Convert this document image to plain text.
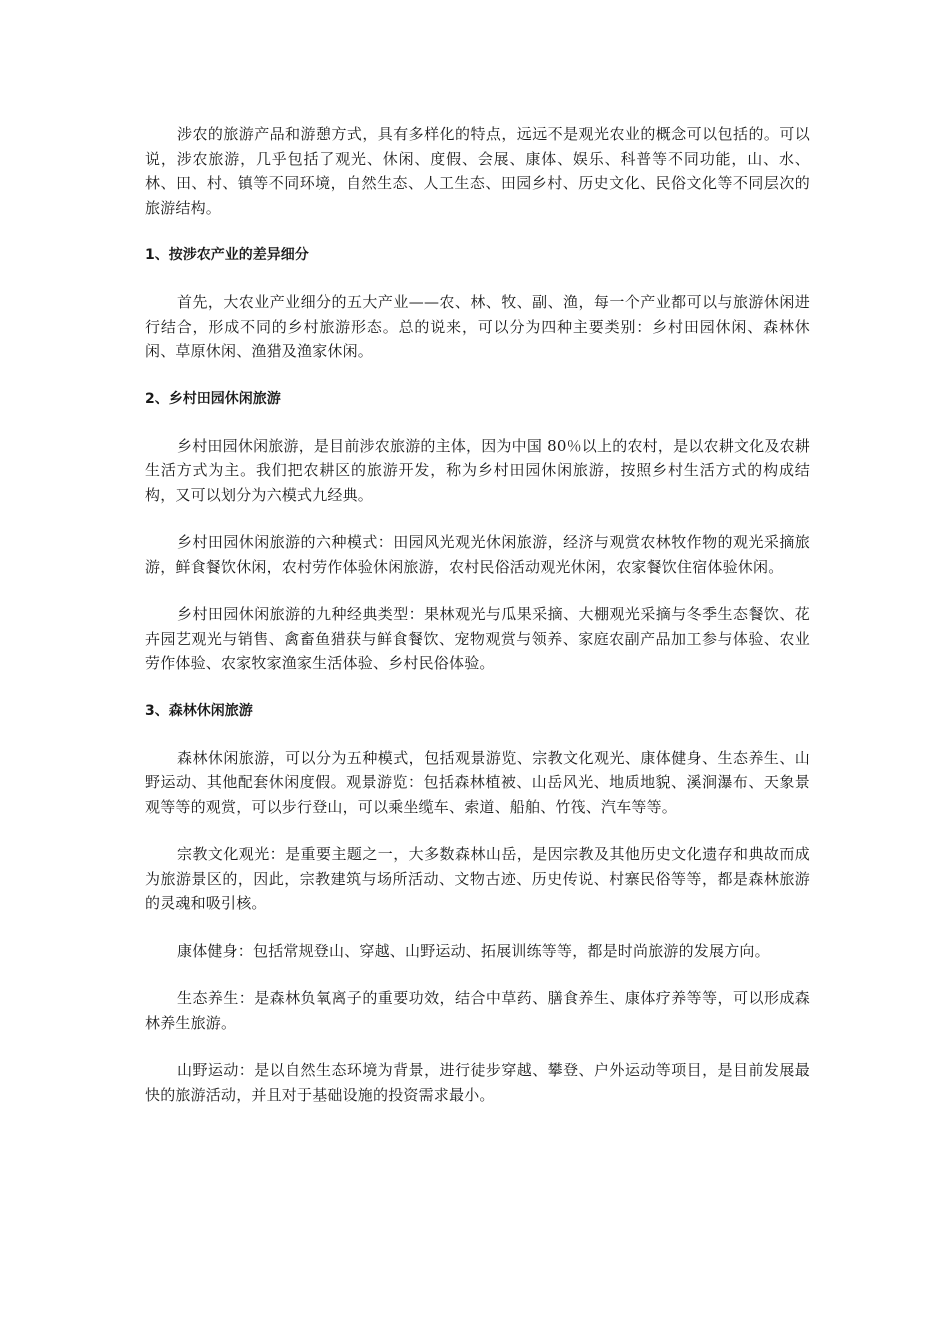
涉农的旅游产品和游憩方式，具有多样化的特点，远远不是观光农业的概念可以包括的。可以说，涉农旅游，几乎包括了观光、休闲、度假、会展、康体、娱乐、科普等不同功能，山、水、林、田、村、镇等不同环境，自然生态、人工生态、田园乡村、历史文化、民俗文化等不同层次的旅游结构。

1、按涉农产业的差异细分

首先，大农业产业细分的五大产业——农、林、牧、副、渔，每一个产业都可以与旅游休闲进行结合，形成不同的乡村旅游形态。总的说来，可以分为四种主要类别：乡村田园休闲、森林休闲、草原休闲、渔猎及渔家休闲。

2、乡村田园休闲旅游

乡村田园休闲旅游，是目前涉农旅游的主体，因为中国 80％以上的农村，是以农耕文化及农耕生活方式为主。我们把农耕区的旅游开发，称为乡村田园休闲旅游，按照乡村生活方式的构成结构，又可以划分为六模式九经典。

乡村田园休闲旅游的六种模式：田园风光观光休闲旅游，经济与观赏农林牧作物的观光采摘旅游，鲜食餐饮休闲，农村劳作体验休闲旅游，农村民俗活动观光休闲，农家餐饮住宿体验休闲。

乡村田园休闲旅游的九种经典类型：果林观光与瓜果采摘、大棚观光采摘与冬季生态餐饮、花卉园艺观光与销售、禽畜鱼猎获与鲜食餐饮、宠物观赏与领养、家庭农副产品加工参与体验、农业劳作体验、农家牧家渔家生活体验、乡村民俗体验。

3、森林休闲旅游

森林休闲旅游，可以分为五种模式，包括观景游览、宗教文化观光、康体健身、生态养生、山野运动、其他配套休闲度假。观景游览：包括森林植被、山岳风光、地质地貌、溪涧瀑布、天象景观等等的观赏，可以步行登山，可以乘坐缆车、索道、船舶、竹筏、汽车等等。

宗教文化观光：是重要主题之一，大多数森林山岳，是因宗教及其他历史文化遗存和典故而成为旅游景区的，因此，宗教建筑与场所活动、文物古迹、历史传说、村寨民俗等等，都是森林旅游的灵魂和吸引核。

康体健身：包括常规登山、穿越、山野运动、拓展训练等等，都是时尚旅游的发展方向。

生态养生：是森林负氧离子的重要功效，结合中草药、膳食养生、康体疗养等等，可以形成森林养生旅游。

山野运动：是以自然生态环境为背景，进行徒步穿越、攀登、户外运动等项目，是目前发展最快的旅游活动，并且对于基础设施的投资需求最小。
